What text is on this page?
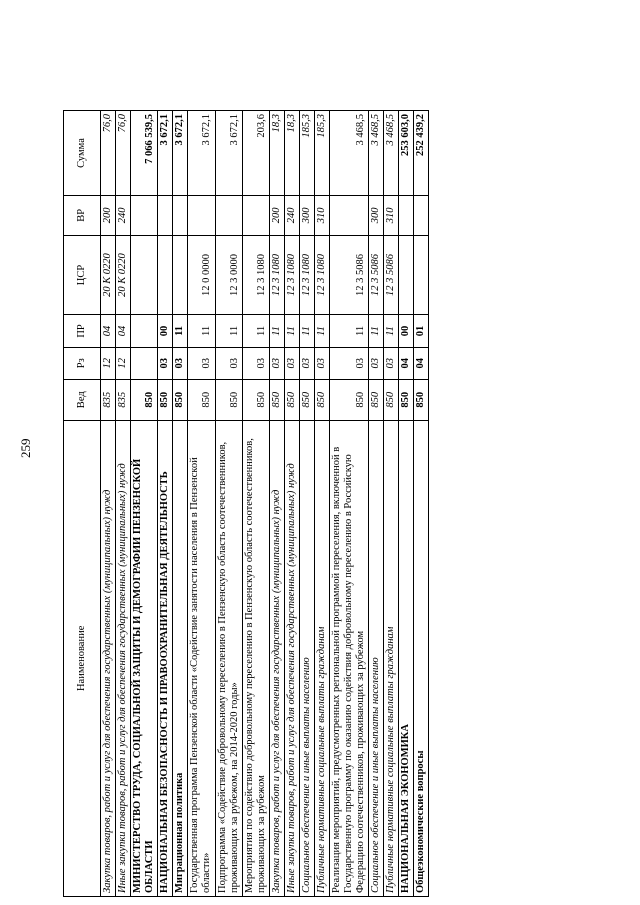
259
Наименование	Вед	Рз	ПР	ЦСР	ВР	Сумма
Закупка товаров, работ и услуг для обеспечения государственных (муниципальных) нужд	835	12	04	20 К 0220	200	76,0
Иные закупки товаров, работ и услуг для обеспечения государственных (муниципальных) нужд	835	12	04	20 К 0220	240	76,0
МИНИСТЕРСТВО ТРУДА, СОЦИАЛЬНОЙ ЗАЩИТЫ И ДЕМОГРАФИИ ПЕНЗЕНСКОЙ ОБЛАСТИ	850					7 066 539,5
НАЦИОНАЛЬНАЯ БЕЗОПАСНОСТЬ И ПРАВООХРАНИТЕЛЬНАЯ ДЕЯТЕЛЬНОСТЬ	850	03	00			3 672,1
Миграционная политика	850	03	11			3 672,1
Государственная программа Пензенской области «Содействие занятости населения в Пензенской области»	850	03	11	12 0 0000		3 672,1
Подпрограмма «Содействие добровольному переселению в Пензенскую область соотечественников, проживающих за рубежом, на 2014-2020 годы»	850	03	11	12 3 0000		3 672,1
Мероприятия по содействию добровольному переселению в Пензенскую область соотечественников, проживающих за рубежом	850	03	11	12 3 1080		203,6
Закупка товаров, работ и услуг для обеспечения государственных (муниципальных) нужд	850	03	11	12 3 1080	200	18,3
Иные закупки товаров, работ и услуг для обеспечения государственных (муниципальных) нужд	850	03	11	12 3 1080	240	18,3
Социальное обеспечение и иные выплаты населению	850	03	11	12 3 1080	300	185,3
Публичные нормативные социальные выплаты гражданам	850	03	11	12 3 1080	310	185,3
Реализация мероприятий, предусмотренных региональной программой переселения, включенной в Государственную программу по оказанию содействия добровольному переселению в Российскую Федерацию соотечественников, проживающих за рубежом	850	03	11	12 3 5086		3 468,5
Социальное обеспечение и иные выплаты населению	850	03	11	12 3 5086	300	3 468,5
Публичные нормативные социальные выплаты гражданам	850	03	11	12 3 5086	310	3 468,5
НАЦИОНАЛЬНАЯ ЭКОНОМИКА	850	04	00			253 603,0
Общеэкономические вопросы	850	04	01			252 439,2
